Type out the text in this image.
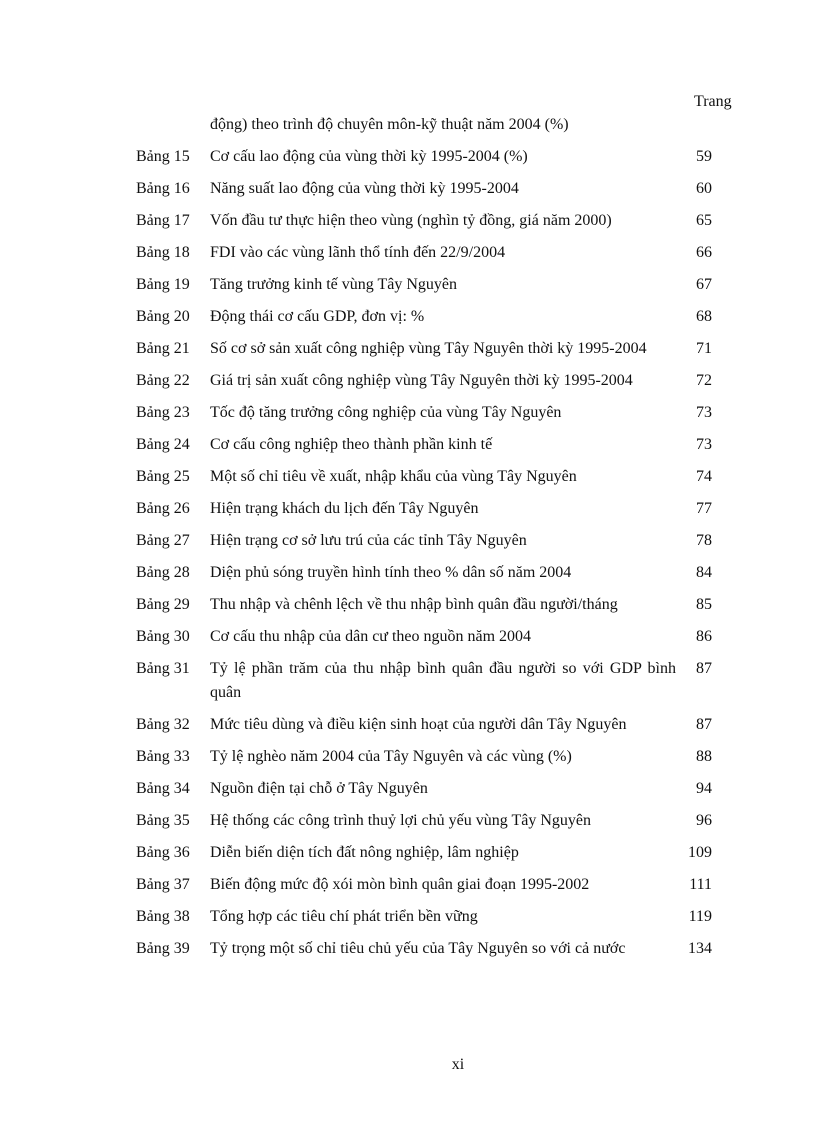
Trang
động) theo trình độ chuyên môn-kỹ thuật năm 2004 (%)
Bảng 15	Cơ cấu lao động của vùng thời kỳ 1995-2004 (%)	59
Bảng 16	Năng suất lao động của vùng thời kỳ 1995-2004	60
Bảng 17	Vốn đầu tư thực hiện theo vùng (nghìn tỷ đồng, giá năm 2000)	65
Bảng 18	FDI vào các vùng lãnh thổ tính đến 22/9/2004	66
Bảng 19	Tăng trưởng kinh tế vùng Tây Nguyên	67
Bảng 20	Động thái cơ cấu GDP, đơn vị: %	68
Bảng 21	Số cơ sở sản xuất công nghiệp vùng Tây Nguyên thời kỳ 1995-2004	71
Bảng 22	Giá trị sản xuất công nghiệp vùng Tây Nguyên thời kỳ 1995-2004	72
Bảng 23	Tốc độ tăng trưởng công nghiệp của vùng Tây Nguyên	73
Bảng 24	Cơ cấu công nghiệp theo thành phần kinh tế	73
Bảng 25	Một số chỉ tiêu về xuất, nhập khẩu của vùng Tây Nguyên	74
Bảng 26	Hiện trạng khách du lịch đến Tây Nguyên	77
Bảng 27	Hiện trạng cơ sở lưu trú của các tỉnh Tây Nguyên	78
Bảng 28	Diện phủ sóng truyền hình tính theo % dân số năm 2004	84
Bảng 29	Thu nhập và chênh lệch về thu nhập bình quân đầu người/tháng	85
Bảng 30	Cơ cấu thu nhập của dân cư theo nguồn năm 2004	86
Bảng 31	Tỷ lệ phần trăm của thu nhập bình quân đầu người so với GDP bình quân
87
Bảng 32	Mức tiêu dùng và điều kiện sinh hoạt của người dân Tây Nguyên	87
Bảng 33	Tỷ lệ nghèo năm 2004 của Tây Nguyên và các vùng (%)	88
Bảng 34	Nguồn điện tại chỗ ở Tây Nguyên	94
Bảng 35	Hệ thống các công trình thuỷ lợi chủ yếu vùng Tây Nguyên	96
Bảng 36	Diễn biến diện tích đất nông nghiệp, lâm nghiệp	109
Bảng 37	Biến động mức độ xói mòn bình quân giai đoạn 1995-2002	111
Bảng 38	Tổng hợp các tiêu chí phát triển bền vững	119
Bảng 39	Tỷ trọng một số chỉ tiêu chủ yếu của Tây Nguyên so với cả nước	134
xi
